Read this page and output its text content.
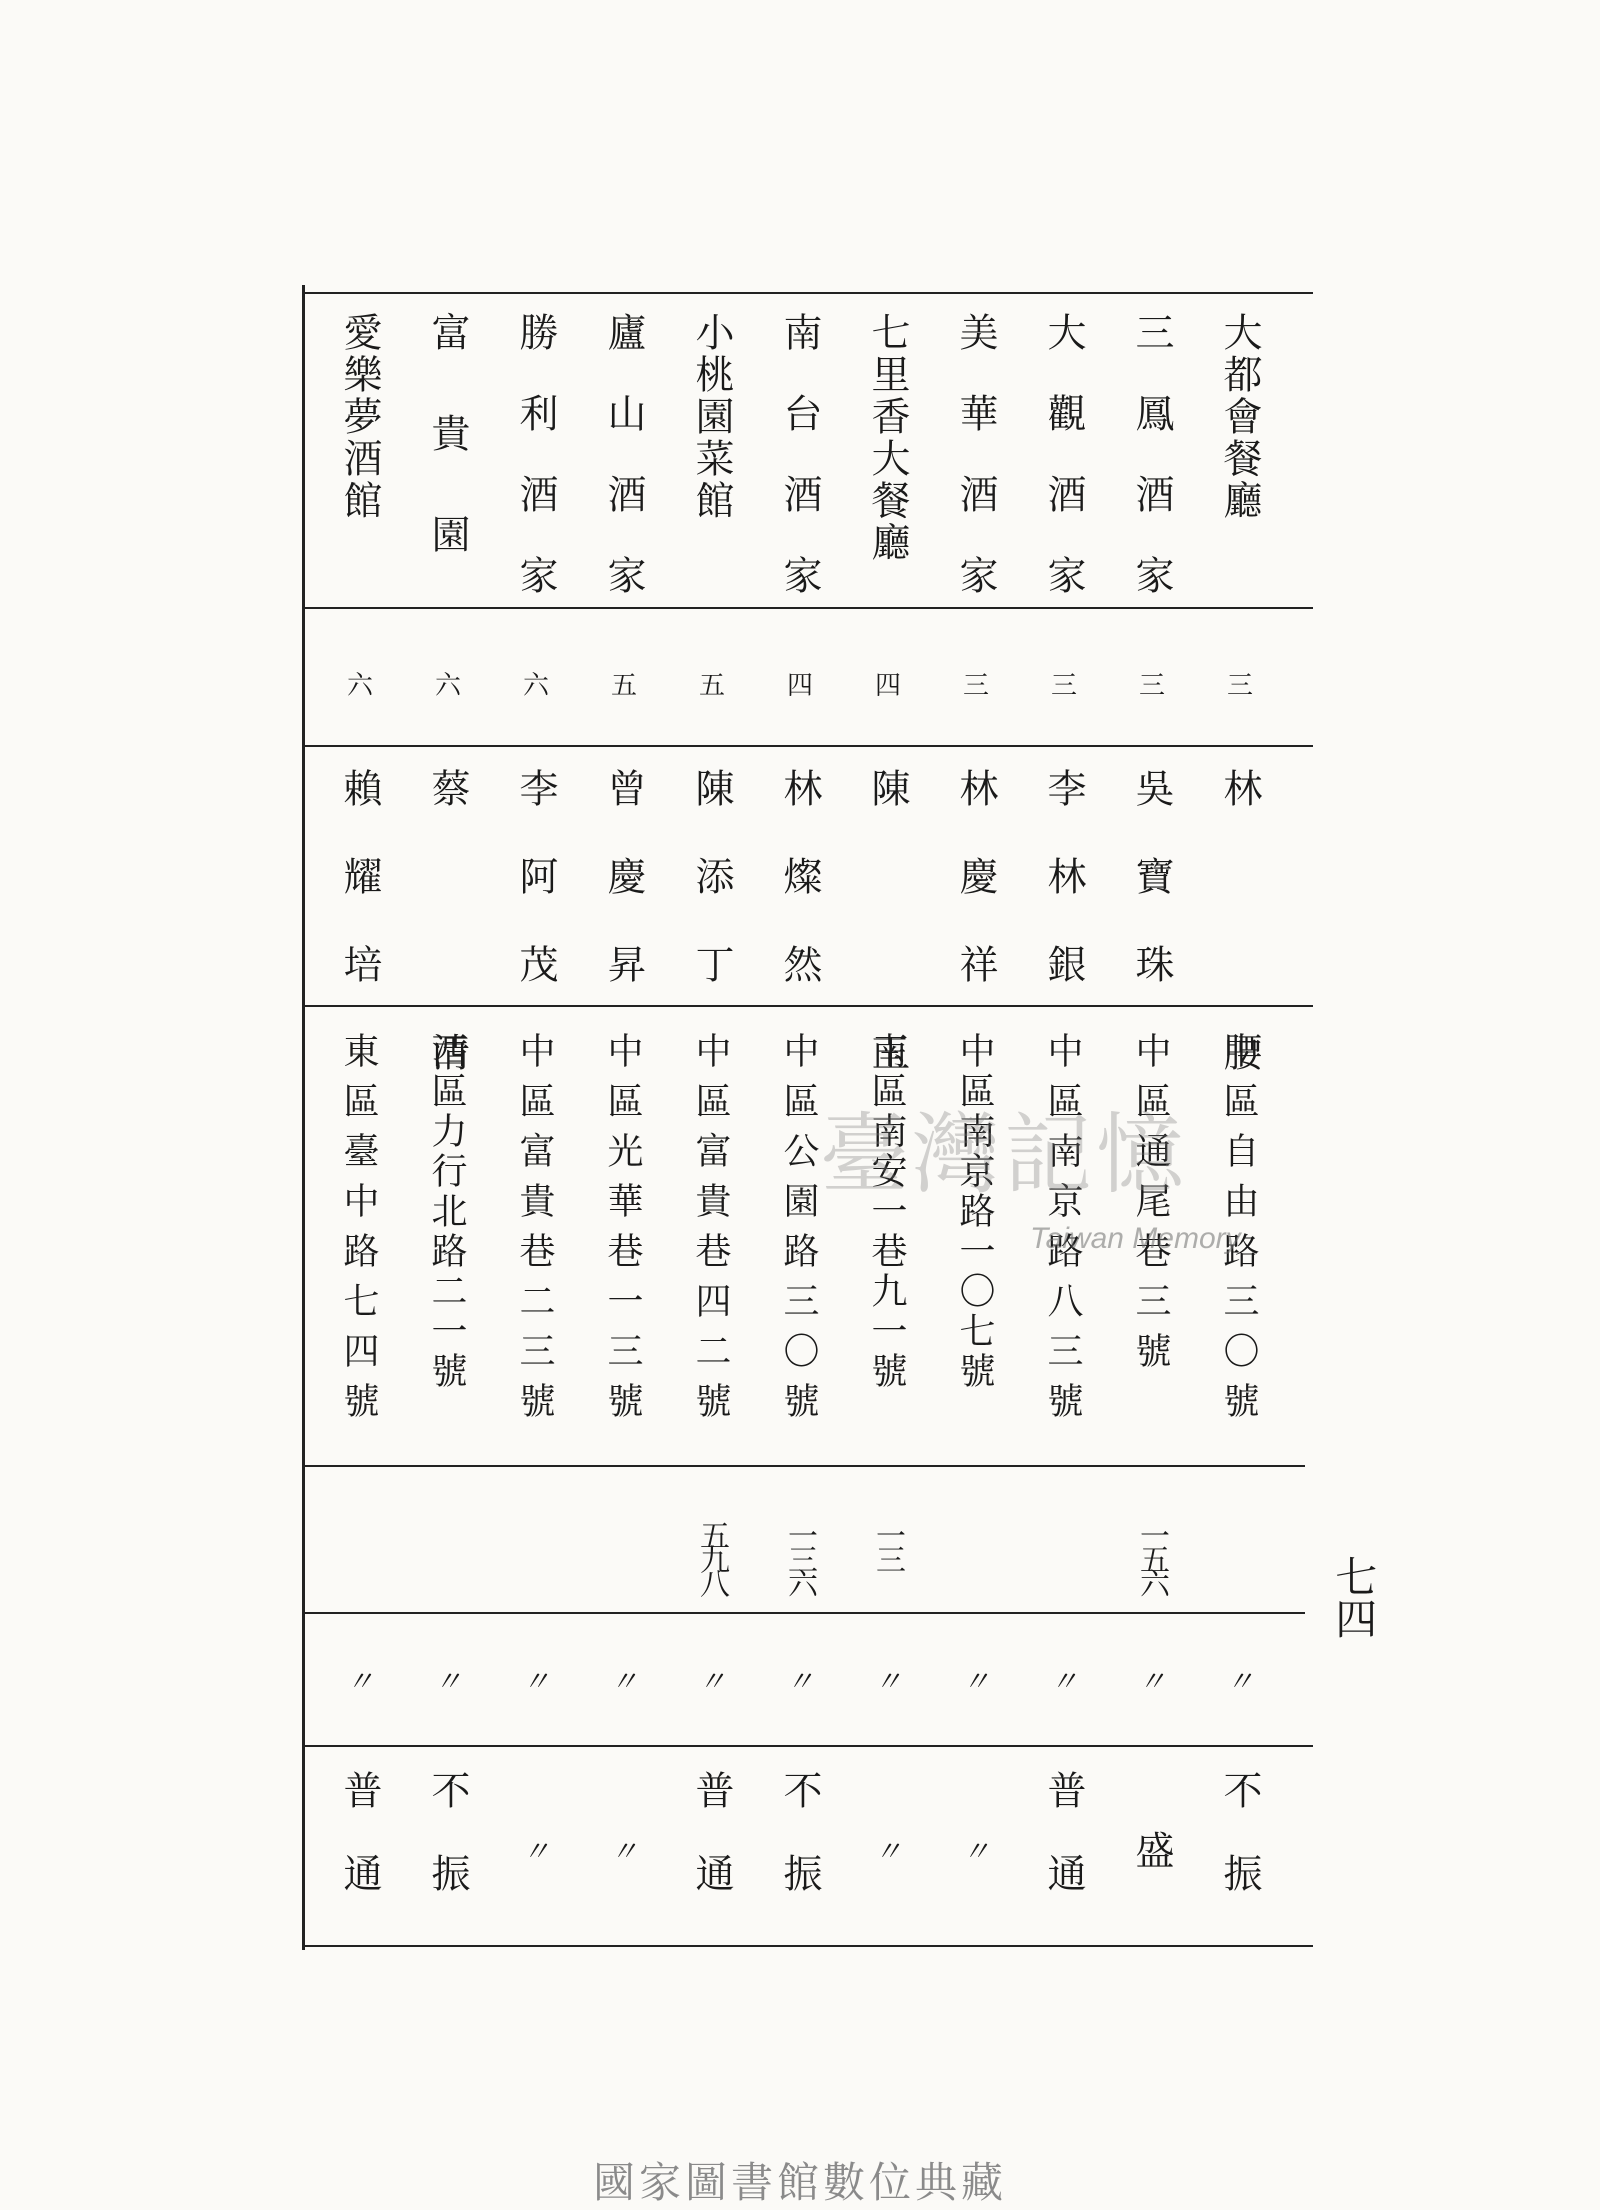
大都會餐廳
三
林　　腰
中區自由路三〇號
〃
不振
三鳳酒家
三
吳寶珠
中區通尾巷三號
一五六
〃
盛
大觀酒家
三
李林銀
中區南京路八三號
〃
普通
美華酒家
三
林慶祥
中區南京路一〇七號
〃
〃
七里香大餐廳
四
陳　　玉
南區南安一巷九一號
一三
〃
〃
南台酒家
四
林燦然
中區公園路三〇號
一三六
〃
不振
小桃園菜館
五
陳添丁
中區富貴巷四二號
五九八
〃
普通
廬山酒家
五
曾慶昇
中區光華巷一三號
〃
〃
勝利酒家
六
李阿茂
中區富貴巷二三號
〃
〃
富貴園
六
蔡　　清
西區力行北路二一號
〃
不振
愛樂夢酒館
六
賴耀培
東區臺中路七四號
〃
普通
臺灣記憶
Taiwan Memory
七四
國家圖書館數位典藏
